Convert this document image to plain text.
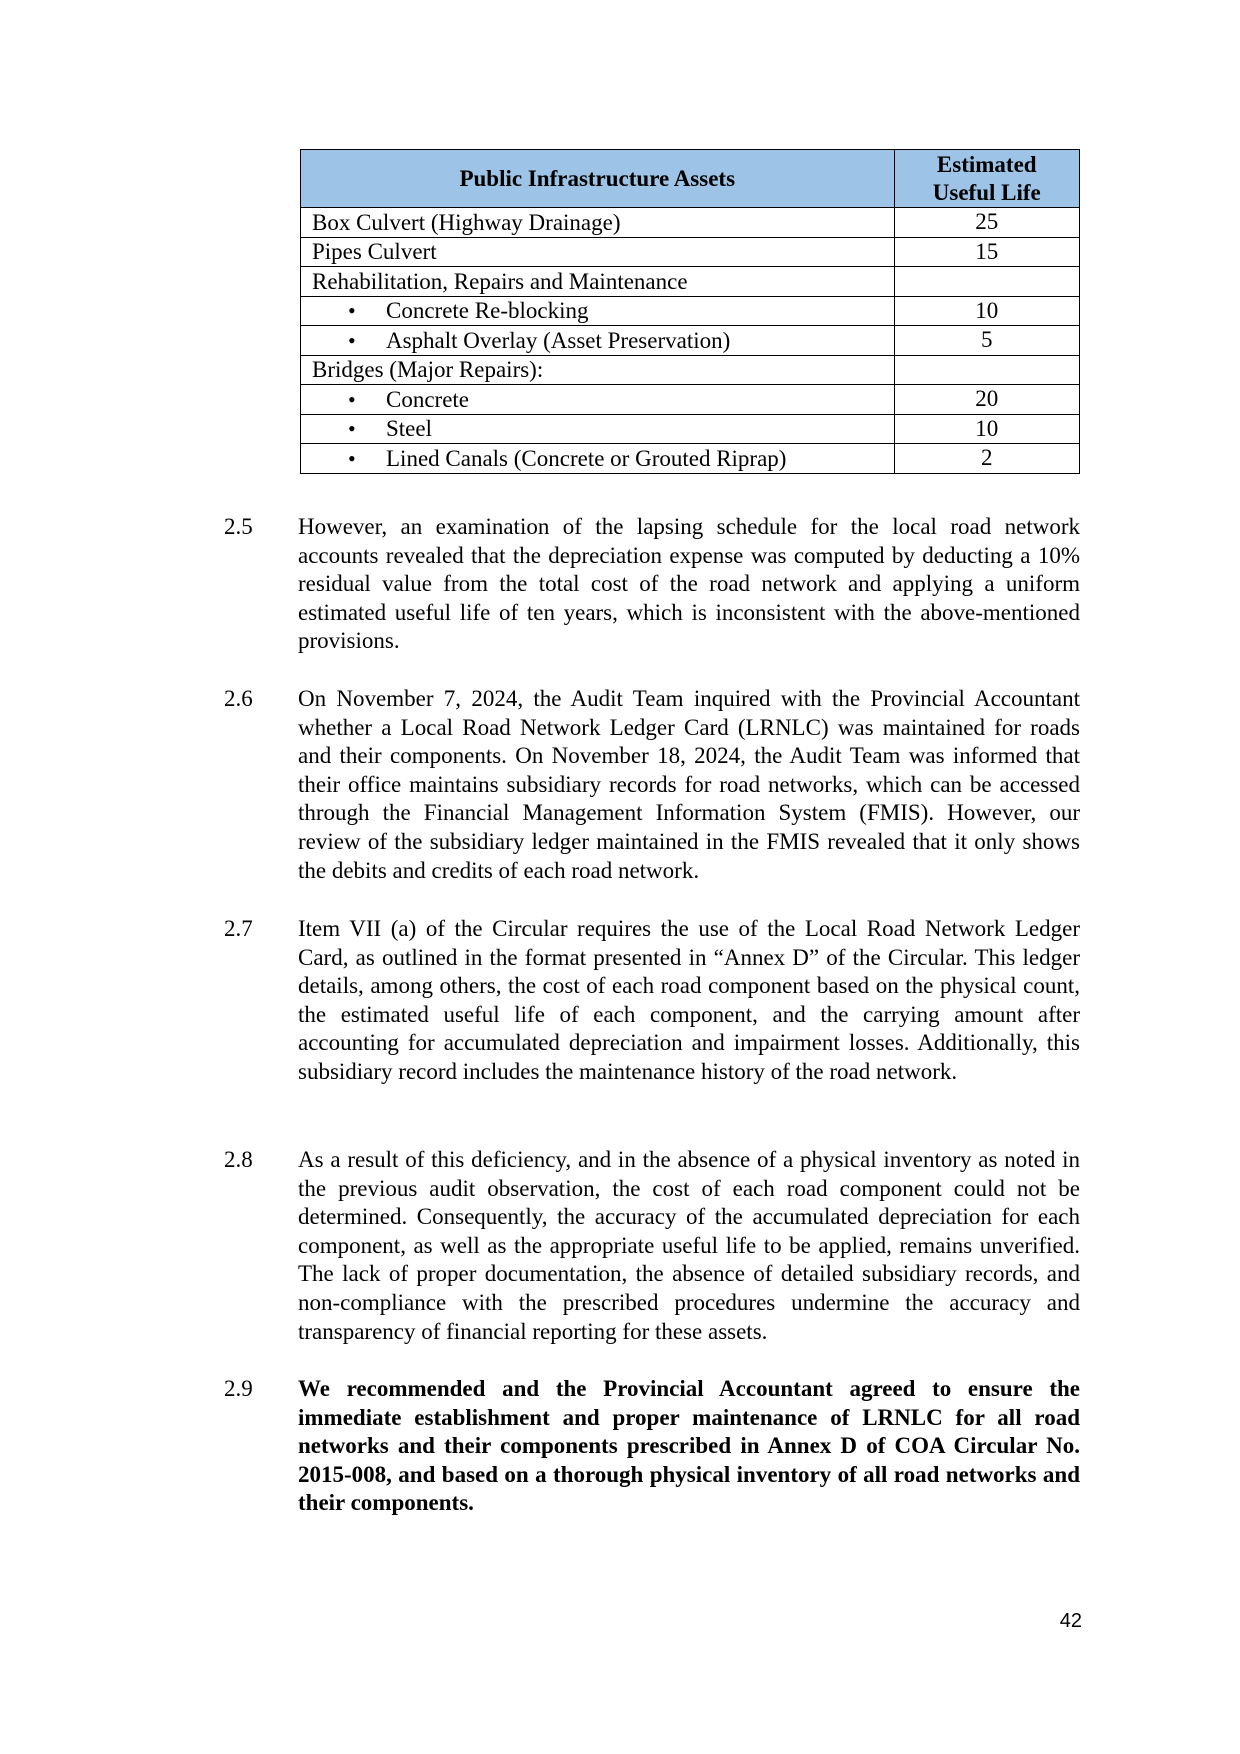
Public Infrastructure Assets	Estimated
Useful Life
Box Culvert (Highway Drainage)	25
Pipes Culvert	15
Rehabilitation, Repairs and Maintenance	
• Concrete Re-blocking	10
• Asphalt Overlay (Asset Preservation)	5
Bridges (Major Repairs):	
• Concrete	20
• Steel	10
• Lined Canals (Concrete or Grouted Riprap)	2
2.5	However, an examination of the lapsing schedule for the local road network accounts revealed that the depreciation expense was computed by deducting a 10% residual value from the total cost of the road network and applying a uniform estimated useful life of ten years, which is inconsistent with the above-mentioned provisions.
2.6	On November 7, 2024, the Audit Team inquired with the Provincial Accountant whether a Local Road Network Ledger Card (LRNLC) was maintained for roads and their components. On November 18, 2024, the Audit Team was informed that their office maintains subsidiary records for road networks, which can be accessed through the Financial Management Information System (FMIS). However, our review of the subsidiary ledger maintained in the FMIS revealed that it only shows the debits and credits of each road network.
2.7	Item VII (a) of the Circular requires the use of the Local Road Network Ledger Card, as outlined in the format presented in “Annex D” of the Circular. This ledger details, among others, the cost of each road component based on the physical count, the estimated useful life of each component, and the carrying amount after accounting for accumulated depreciation and impairment losses. Additionally, this subsidiary record includes the maintenance history of the road network.
2.8	As a result of this deficiency, and in the absence of a physical inventory as noted in the previous audit observation, the cost of each road component could not be determined. Consequently, the accuracy of the accumulated depreciation for each component, as well as the appropriate useful life to be applied, remains unverified. The lack of proper documentation, the absence of detailed subsidiary records, and non-compliance with the prescribed procedures undermine the accuracy and transparency of financial reporting for these assets.
2.9	We recommended and the Provincial Accountant agreed to ensure the immediate establishment and proper maintenance of LRNLC for all road networks and their components prescribed in Annex D of COA Circular No. 2015-008, and based on a thorough physical inventory of all road networks and their components.
42
